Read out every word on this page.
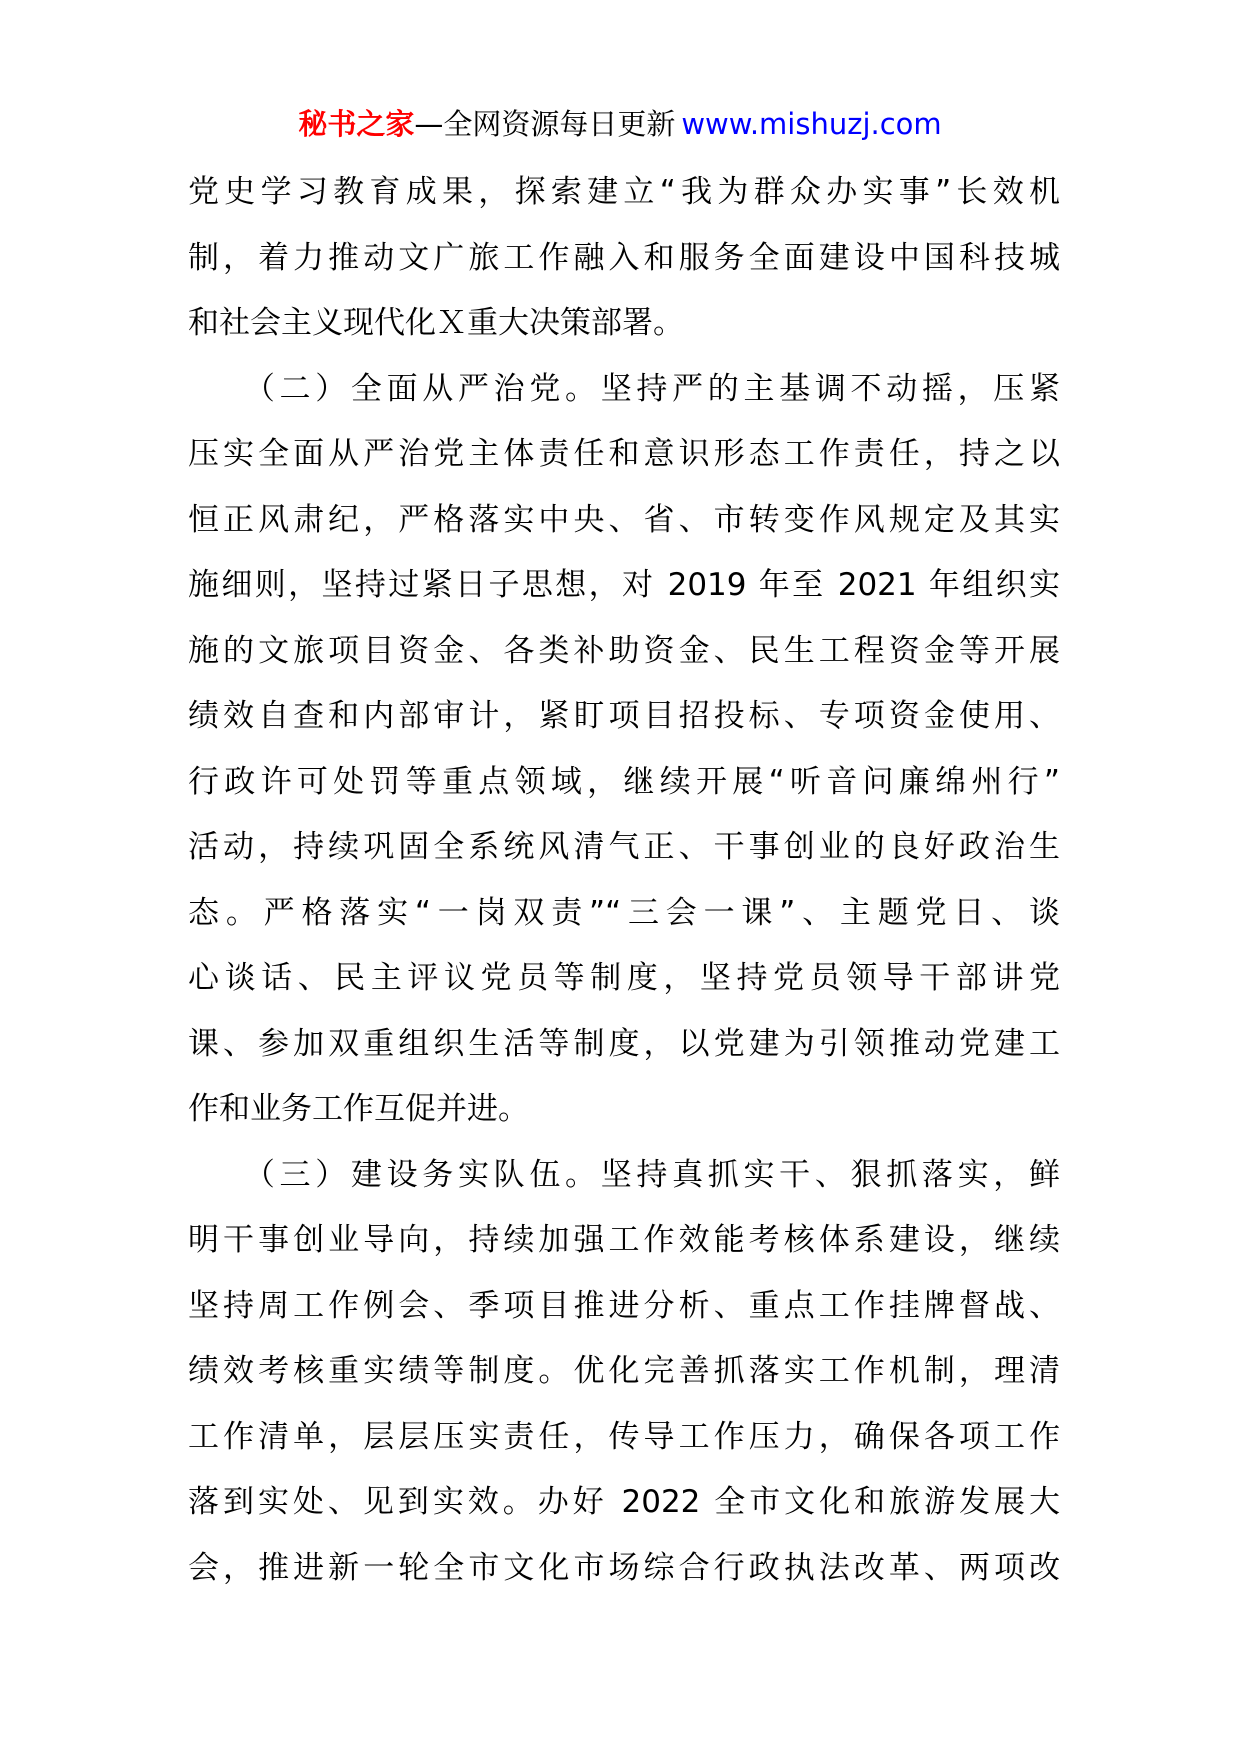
秘书之家—全网资源每日更新 www.mishuzj.com
党史学习教育成果，探索建立“我为群众办实事”长效机
制，着力推动文广旅工作融入和服务全面建设中国科技城
和社会主义现代化Ｘ重大决策部署。
　　（二）全面从严治党。坚持严的主基调不动摇，压紧
压实全面从严治党主体责任和意识形态工作责任，持之以
恒正风肃纪，严格落实中央、省、市转变作风规定及其实
施细则，坚持过紧日子思想，对 2019 年至 2021 年组织实
施的文旅项目资金、各类补助资金、民生工程资金等开展
绩效自查和内部审计，紧盯项目招投标、专项资金使用、
行政许可处罚等重点领域，继续开展“听音问廉绵州行”
活动，持续巩固全系统风清气正、干事创业的良好政治生
态。严格落实“一岗双责”“三会一课”、主题党日、谈
心谈话、民主评议党员等制度，坚持党员领导干部讲党
课、参加双重组织生活等制度，以党建为引领推动党建工
作和业务工作互促并进。
　　（三）建设务实队伍。坚持真抓实干、狠抓落实，鲜
明干事创业导向，持续加强工作效能考核体系建设，继续
坚持周工作例会、季项目推进分析、重点工作挂牌督战、
绩效考核重实绩等制度。优化完善抓落实工作机制，理清
工作清单，层层压实责任，传导工作压力，确保各项工作
落到实处、见到实效。办好 2022 全市文化和旅游发展大
会，推进新一轮全市文化市场综合行政执法改革、两项改
